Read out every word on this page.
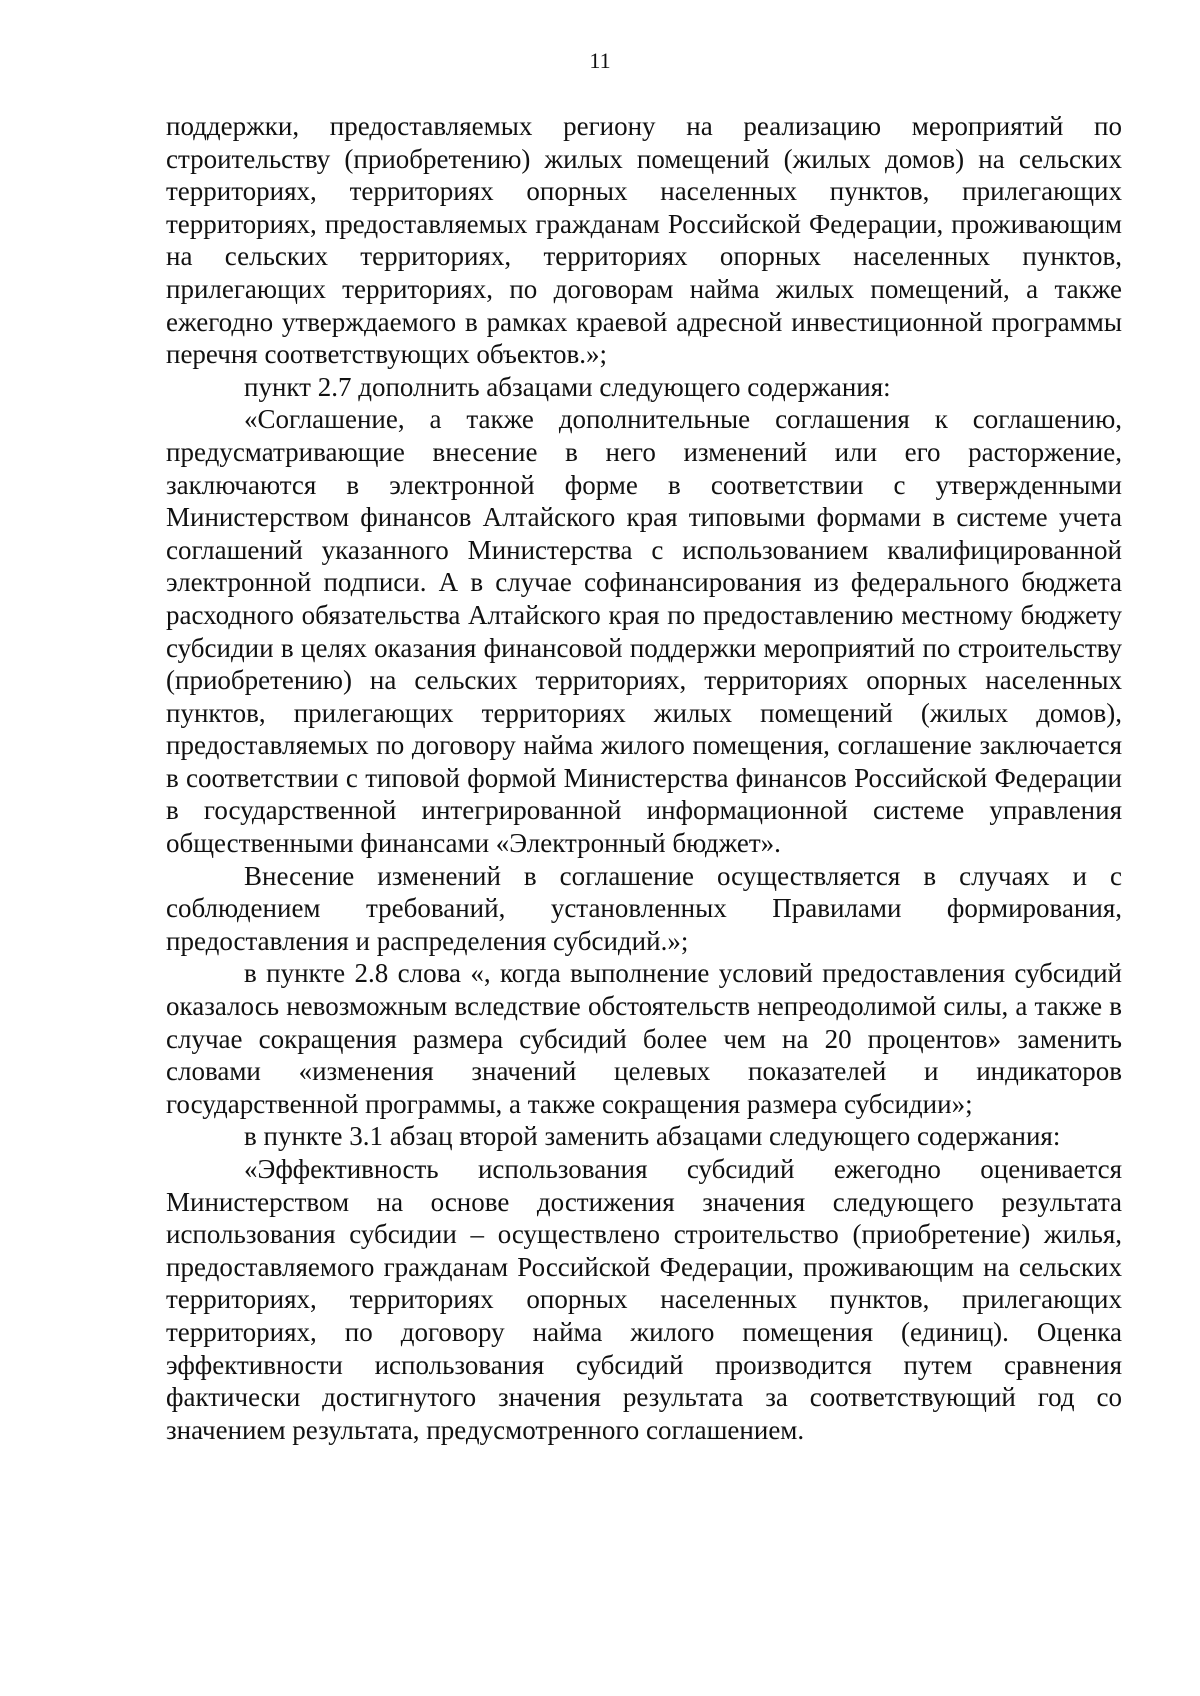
11

поддержки, предоставляемых региону на реализацию мероприятий по строительству (приобретению) жилых помещений (жилых домов) на сельских территориях, территориях опорных населенных пунктов, прилегающих территориях, предоставляемых гражданам Российской Федерации, проживающим на сельских территориях, территориях опорных населенных пунктов, прилегающих территориях, по договорам найма жилых помещений, а также ежегодно утверждаемого в рамках краевой адресной инвестиционной программы перечня соответствующих объектов.»;

пункт 2.7 дополнить абзацами следующего содержания:

«Соглашение, а также дополнительные соглашения к соглашению, предусматривающие внесение в него изменений или его расторжение, заключаются в электронной форме в соответствии с утвержденными Министерством финансов Алтайского края типовыми формами в системе учета соглашений указанного Министерства с использованием квалифицированной электронной подписи. А в случае софинансирования из федерального бюджета расходного обязательства Алтайского края по предоставлению местному бюджету субсидии в целях оказания финансовой поддержки мероприятий по строительству (приобретению) на сельских территориях, территориях опорных населенных пунктов, прилегающих территориях жилых помещений (жилых домов), предоставляемых по договору найма жилого помещения, соглашение заключается в соответствии с типовой формой Министерства финансов Российской Федерации в государственной интегрированной информационной системе управления общественными финансами «Электронный бюджет».

Внесение изменений в соглашение осуществляется в случаях и с соблюдением требований, установленных Правилами формирования, предоставления и распределения субсидий.»;

в пункте 2.8 слова «, когда выполнение условий предоставления субсидий оказалось невозможным вследствие обстоятельств непреодолимой силы, а также в случае сокращения размера субсидий более чем на 20 процентов» заменить словами «изменения значений целевых показателей и индикаторов государственной программы, а также сокращения размера субсидии»;

в пункте 3.1 абзац второй заменить абзацами следующего содержания:

«Эффективность использования субсидий ежегодно оценивается Министерством на основе достижения значения следующего результата использования субсидии – осуществлено строительство (приобретение) жилья, предоставляемого гражданам Российской Федерации, проживающим на сельских территориях, территориях опорных населенных пунктов, прилегающих территориях, по договору найма жилого помещения (единиц). Оценка эффективности использования субсидий производится путем сравнения фактически достигнутого значения результата за соответствующий год со значением результата, предусмотренного соглашением.
